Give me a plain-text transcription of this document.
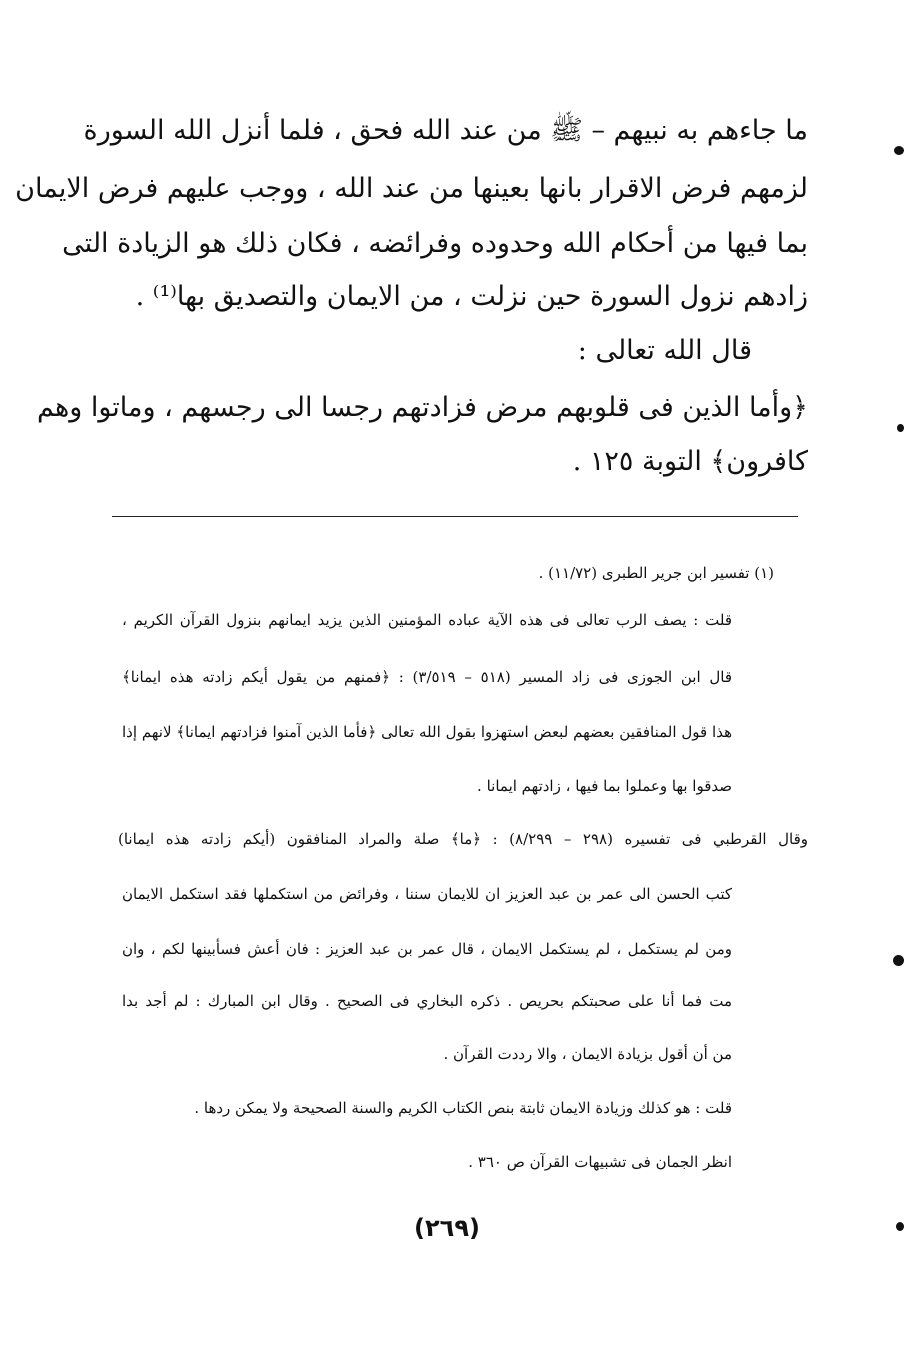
ما جاءهم به نبيهم – ﷺ من عند الله فحق ، فلما أنزل الله السورة
لزمهم فرض الاقرار بانها بعينها من عند الله ، ووجب عليهم فرض الايمان
بما فيها من أحكام الله وحدوده وفرائضه ، فكان ذلك هو الزيادة التى
زادهم نزول السورة حين نزلت ، من الايمان والتصديق بها⁽¹⁾ .
قال الله تعالى :
﴿وأما الذين فى قلوبهم مرض فزادتهم رجسا الى رجسهم ، وماتوا وهم
كافرون﴾ التوبة ١٢٥ .
(١) تفسير ابن جرير الطبرى (١١/٧٢) .
قلت : يصف الرب تعالى فى هذه الآية عباده المؤمنين الذين يزيد ايمانهم بنزول القرآن الكريم ،
قال ابن الجوزى فى زاد المسير (٥١٨ – ٣/٥١٩) : ﴿فمنهم من يقول أيكم زادته هذه ايمانا﴾
هذا قول المنافقين بعضهم لبعض استهزوا بقول الله تعالى ﴿فأما الذين آمنوا فزادتهم ايمانا﴾ لانهم إذا
صدقوا بها وعملوا بما فيها ، زادتهم ايمانا .
وقال القرطبي فى تفسيره (٢٩٨ – ٨/٢٩٩) : ﴿ما﴾ صلة والمراد المنافقون (أيكم زادته هذه ايمانا)
كتب الحسن الى عمر بن عبد العزيز ان للايمان سننا ، وفرائض من استكملها فقد استكمل الايمان
ومن لم يستكمل ، لم يستكمل الايمان ، قال عمر بن عبد العزيز : فان أعش فسأبينها لكم ، وان
مت فما أنا على صحبتكم بحريص . ذكره البخاري فى الصحيح . وقال ابن المبارك : لم أجد بدا
من أن أقول بزيادة الايمان ، والا رددت القرآن .
قلت : هو كذلك وزيادة الايمان ثابتة بنص الكتاب الكريم والسنة الصحيحة ولا يمكن ردها .
انظر الجمان فى تشبيهات القرآن ص ٣٦٠ .
(٢٦٩)
